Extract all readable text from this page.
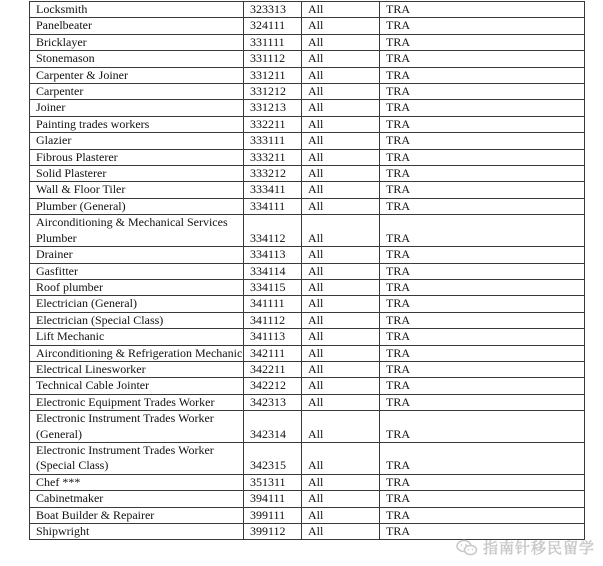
Locksmith	323313	All	TRA

Panelbeater	324111	All	TRA

Bricklayer	331111	All	TRA

Stonemason	331112	All	TRA

Carpenter & Joiner	331211	All	TRA

Carpenter	331212	All	TRA

Joiner	331213	All	TRA

Painting trades workers	332211	All	TRA

Glazier	333111	All	TRA

Fibrous Plasterer	333211	All	TRA

Solid Plasterer	333212	All	TRA

Wall & Floor Tiler	333411	All	TRA

Plumber (General)	334111	All	TRA

Airconditioning & Mechanical Services Plumber	334112	All	TRA

Drainer	334113	All	TRA

Gasfitter	334114	All	TRA

Roof plumber	334115	All	TRA

Electrician (General)	341111	All	TRA

Electrician (Special Class)	341112	All	TRA

Lift Mechanic	341113	All	TRA

Airconditioning & Refrigeration Mechanic	342111	All	TRA

Electrical Linesworker	342211	All	TRA

Technical Cable Jointer	342212	All	TRA

Electronic Equipment Trades Worker	342313	All	TRA

Electronic Instrument Trades Worker (General)	342314	All	TRA

Electronic Instrument Trades Worker (Special Class)	342315	All	TRA

Chef ***	351311	All	TRA

Cabinetmaker	394111	All	TRA

Boat Builder & Repairer	399111	All	TRA

Shipwright	399112	All	TRA
指南针移民留学
